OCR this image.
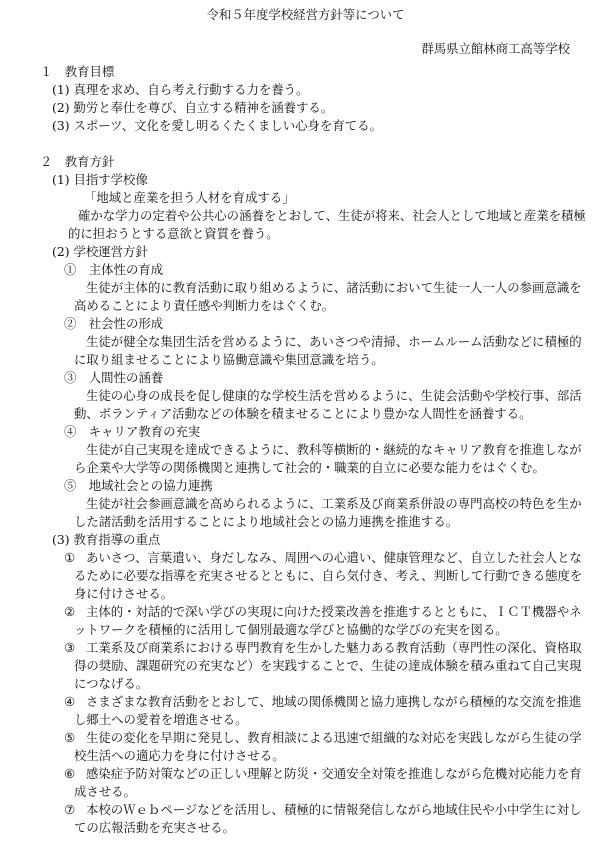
令和５年度学校経営方針等について
群馬県立館林商工高等学校
１　教育目標
(1) 真理を求め、自ら考え行動する力を養う。
(2) 勤労と奉仕を尊び、自立する精神を涵養する。
(3) スポーツ、文化を愛し明るくたくましい心身を育てる。
２　教育方針
(1) 目指す学校像
「地域と産業を担う人材を育成する」
確かな学力の定着や公共心の涵養をとおして、生徒が将来、社会人として地域と産業を積極
的に担おうとする意欲と資質を養う。
(2) 学校運営方針
①　主体性の育成
生徒が主体的に教育活動に取り組めるように、諸活動において生徒一人一人の参画意識を
高めることにより責任感や判断力をはぐくむ。
②　社会性の形成
生徒が健全な集団生活を営めるように、あいさつや清掃、ホームルーム活動などに積極的
に取り組ませることにより協働意識や集団意識を培う。
③　人間性の涵養
生徒の心身の成長を促し健康的な学校生活を営めるように、生徒会活動や学校行事、部活
動、ボランティア活動などの体験を積ませることにより豊かな人間性を涵養する。
④　キャリア教育の充実
生徒が自己実現を達成できるように、教科等横断的・継続的なキャリア教育を推進しなが
ら企業や大学等の関係機関と連携して社会的・職業的自立に必要な能力をはぐくむ。
⑤　地域社会との協力連携
生徒が社会参画意識を高められるように、工業系及び商業系併設の専門高校の特色を生か
した諸活動を活用することにより地域社会との協力連携を推進する。
(3) 教育指導の重点
① あいさつ、言葉遣い、身だしなみ、周囲への心遣い、健康管理など、自立した社会人とな
るために必要な指導を充実させるとともに、自ら気付き、考え、判断して行動できる態度を
身に付けさせる。
② 主体的・対話的で深い学びの実現に向けた授業改善を推進するとともに、ＩＣＴ機器やネ
ットワークを積極的に活用して個別最適な学びと協働的な学びの充実を図る。
③ 工業系及び商業系における専門教育を生かした魅力ある教育活動（専門性の深化、資格取
得の奨励、課題研究の充実など）を実践することで、生徒の達成体験を積み重ねて自己実現
につなげる。
④ さまざまな教育活動をとおして、地域の関係機関と協力連携しながら積極的な交流を推進
し郷土への愛着を増進させる。
⑤ 生徒の変化を早期に発見し、教育相談による迅速で組織的な対応を実践しながら生徒の学
校生活への適応力を身に付けさせる。
⑥ 感染症予防対策などの正しい理解と防災・交通安全対策を推進しながら危機対応能力を育
成させる。
⑦ 本校のＷｅｂページなどを活用し、積極的に情報発信しながら地域住民や小中学生に対し
ての広報活動を充実させる。
